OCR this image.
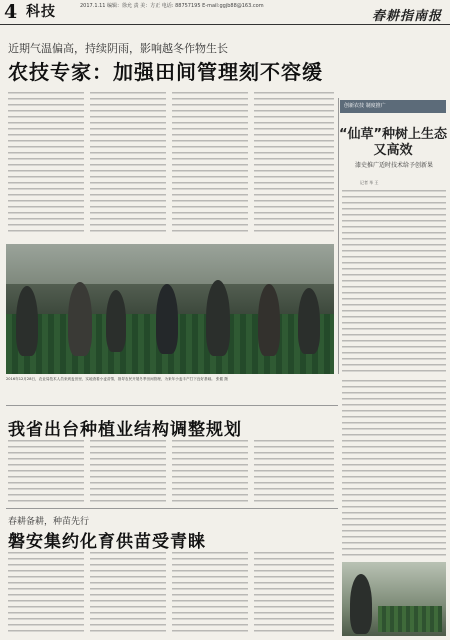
4 科技	2017.1.11 编辑：徐允 责 美：方正 电话: 88757195 E-mail:ggjb88@163.com
春耕指南报
近期气温偏高，持续阴雨，影响越冬作物生长
农技专家：加强田间管理刻不容缓
创新农技 制度推广
“仙草”种树上生态又高效
漆史推广适时技术给予创新果
记者 毕 王
2016年12月28日，农业局技术人员来到麦田里，实地查看小麦苗情，指导农民开展冬季田间管理，为来年小麦丰产打下良好基础。 张健 摄
我省出台种植业结构调整规划
春耕备耕，种苗先行
磐安集约化育供苗受青睐
